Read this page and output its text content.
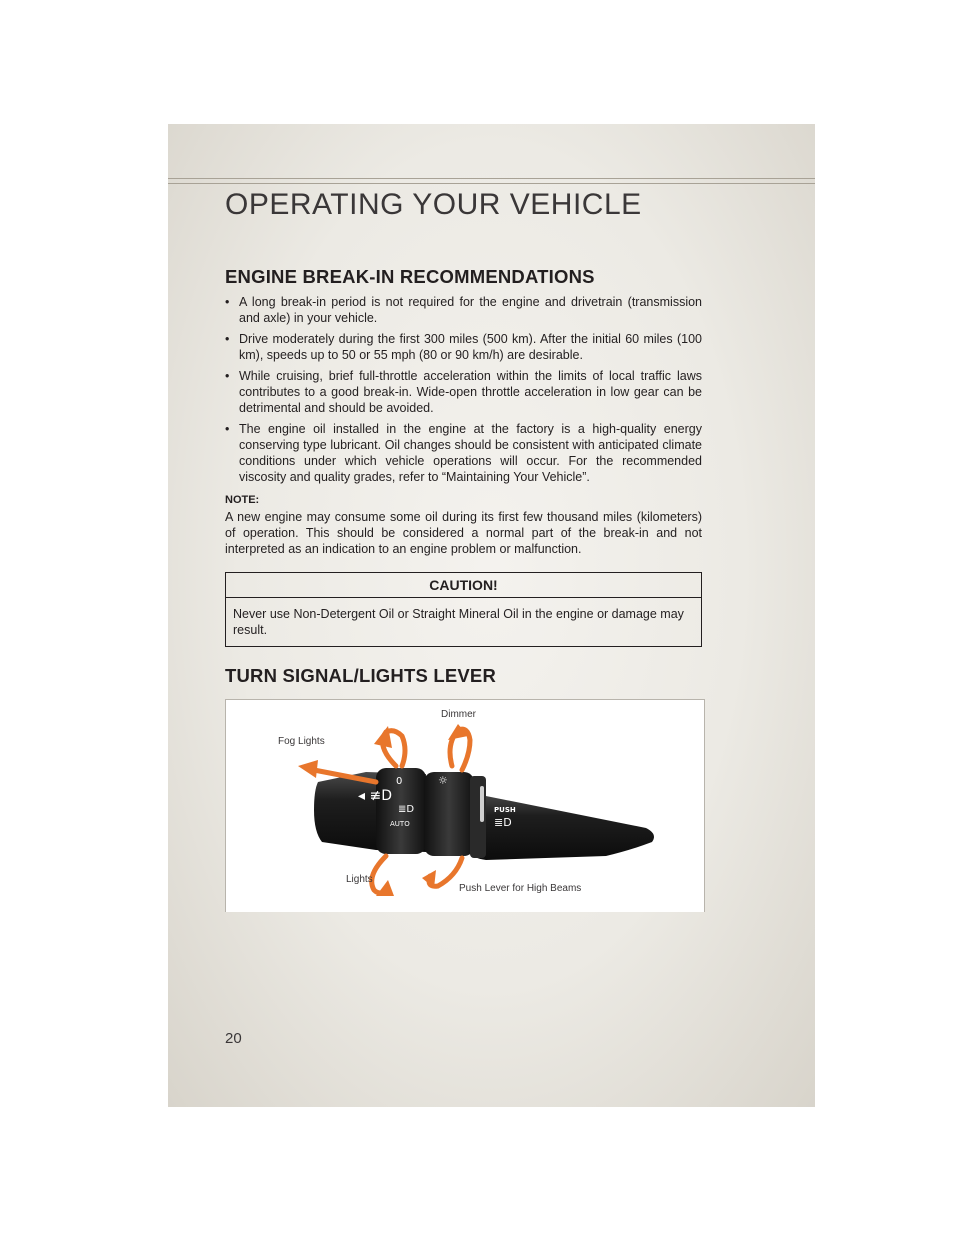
OPERATING YOUR VEHICLE
ENGINE BREAK-IN RECOMMENDATIONS
• A long break-in period is not required for the engine and drivetrain (transmission and axle) in your vehicle.
• Drive moderately during the first 300 miles (500 km). After the initial 60 miles (100 km), speeds up to 50 or 55 mph (80 or 90 km/h) are desirable.
• While cruising, brief full-throttle acceleration within the limits of local traffic laws contributes to a good break-in. Wide-open throttle acceleration in low gear can be detrimental and should be avoided.
• The engine oil installed in the engine at the factory is a high-quality energy conserving type lubricant. Oil changes should be consistent with anticipated climate conditions under which vehicle operations will occur. For the recommended viscosity and quality grades, refer to “Maintaining Your Vehicle”.
NOTE:
A new engine may consume some oil during its first few thousand miles (kilometers) of operation. This should be considered a normal part of the break-in and not interpreted as an indication to an engine problem or malfunction.
CAUTION!
Never use Non-Detergent Oil or Straight Mineral Oil in the engine or damage may result.
TURN SIGNAL/LIGHTS LEVER
◂ ≢D
0	☼
≣D
AUTO
-⊂⊃ ⇦⇨
PUSH
≣D
Dimmer
Fog Lights
Lights
Push Lever for High Beams
20
